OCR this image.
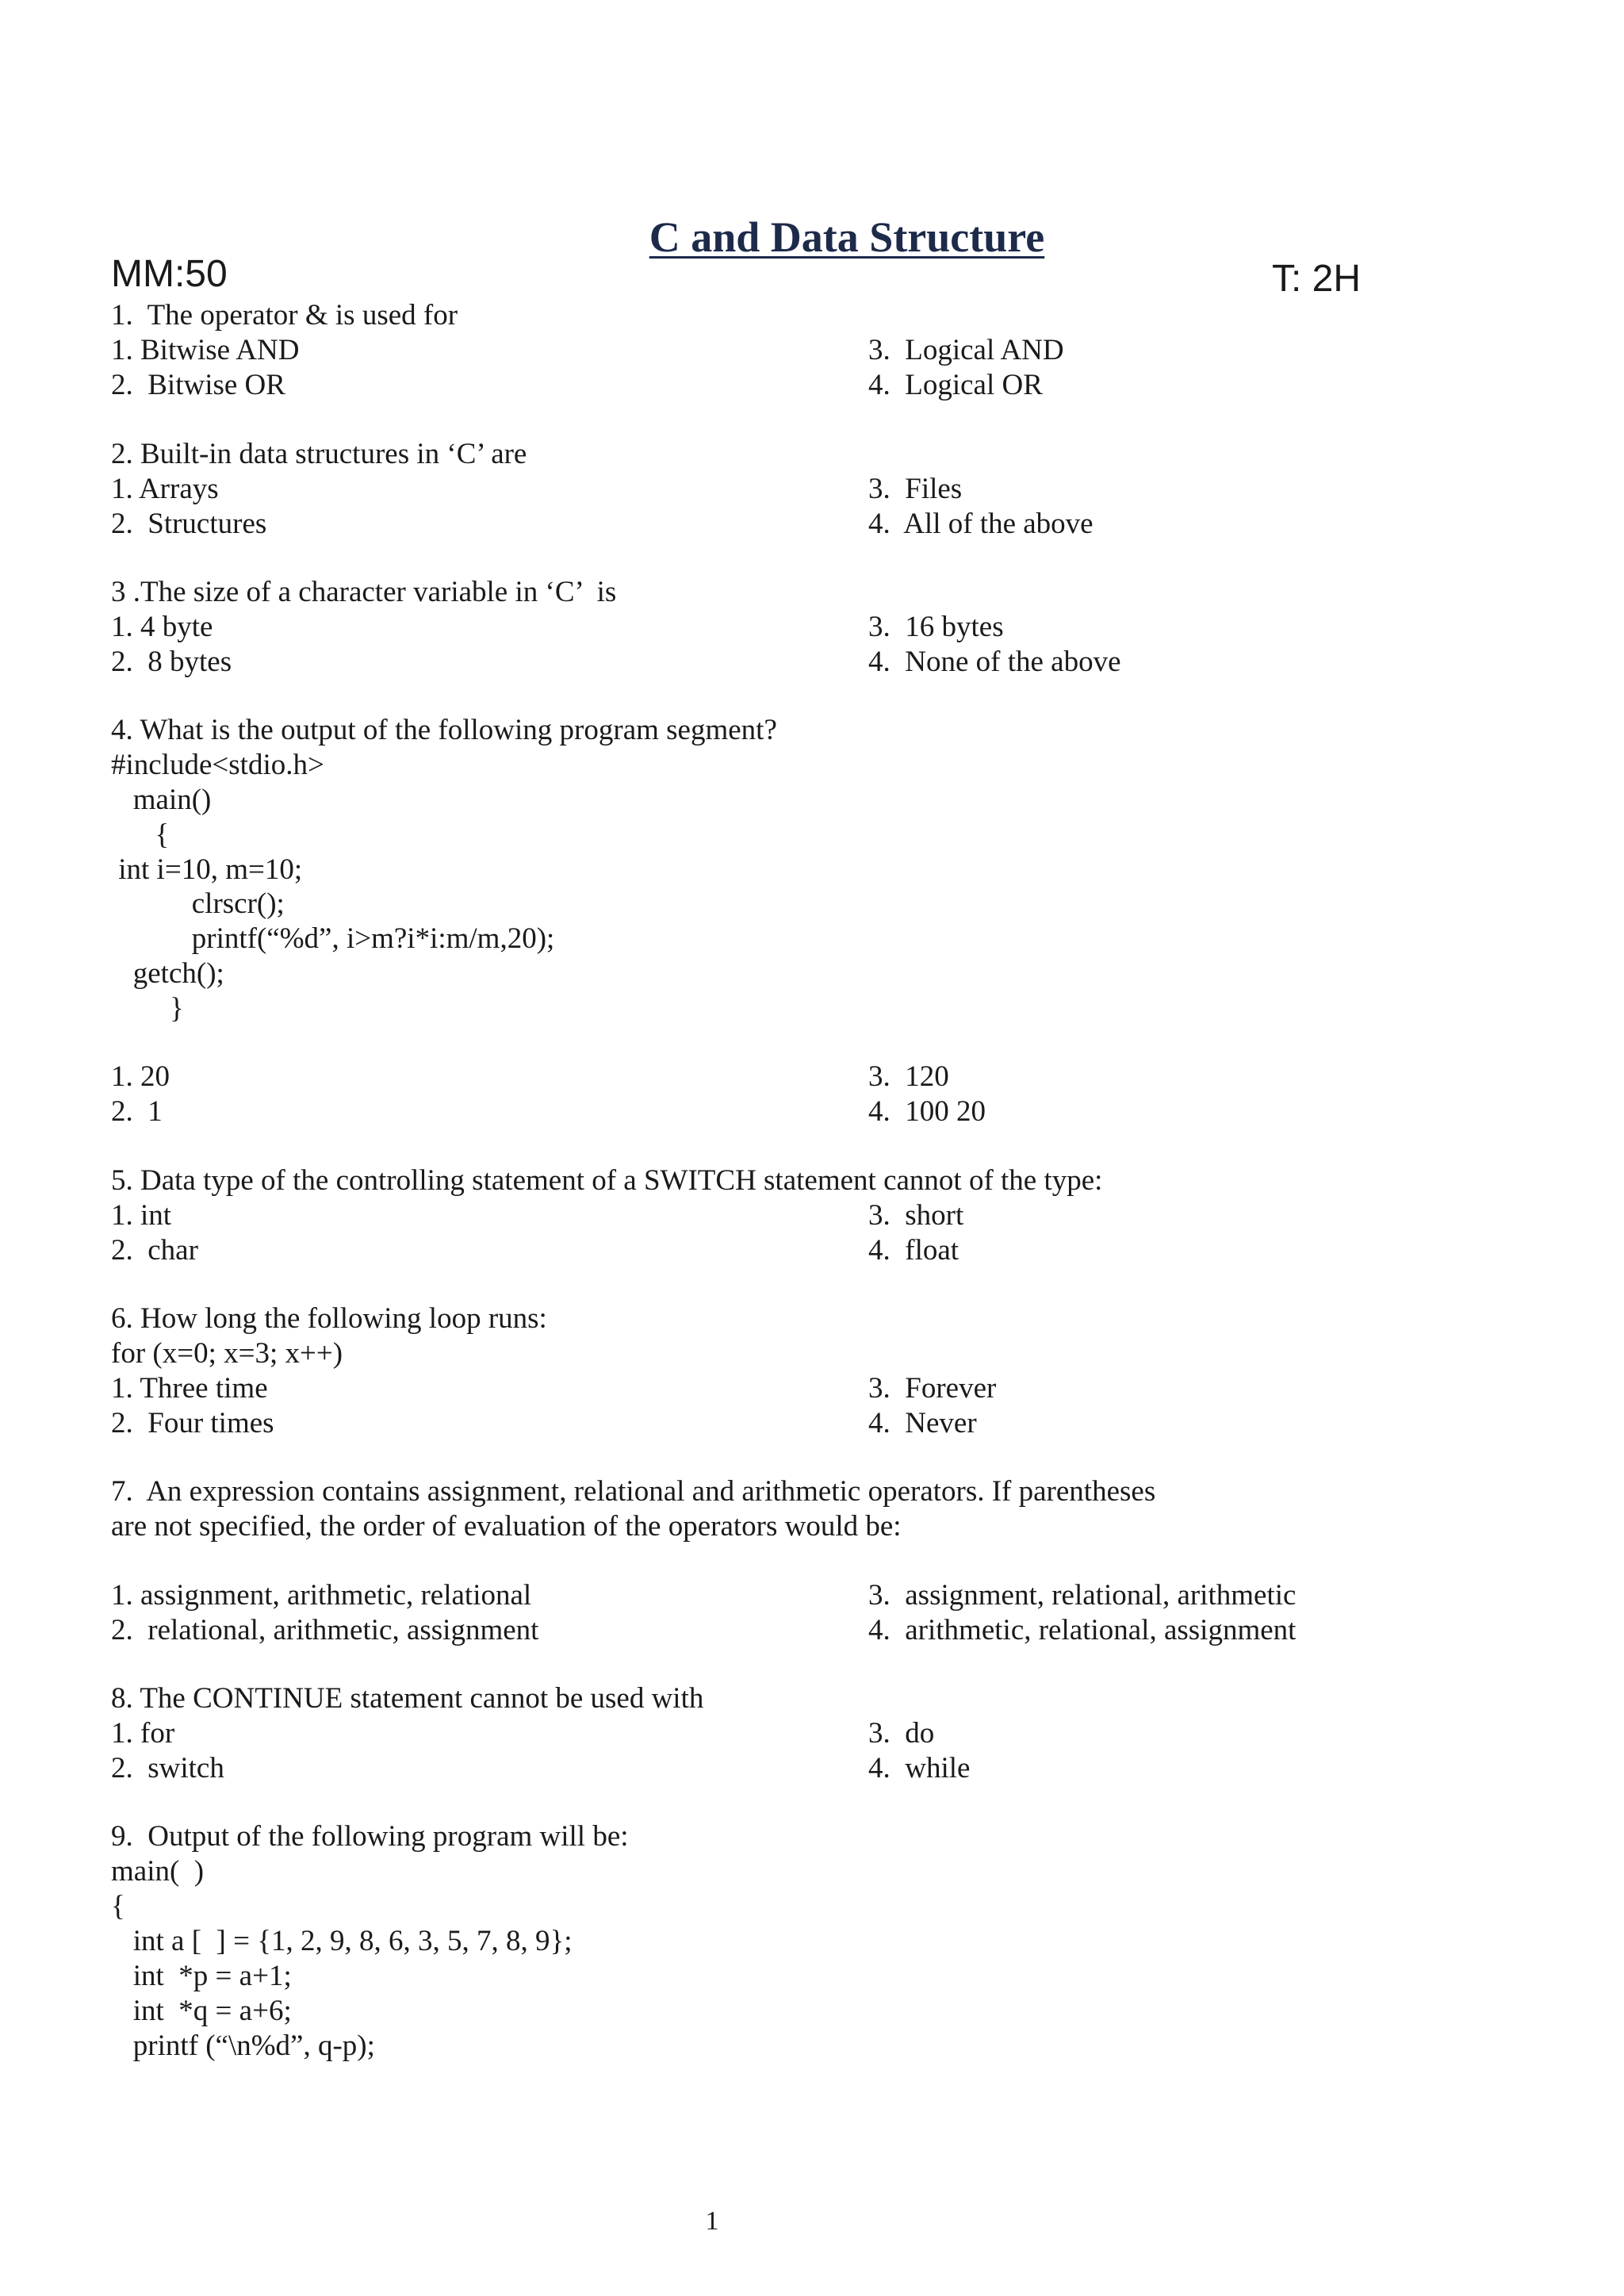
C and Data Structure
MM:50	T: 2H
1.  The operator & is used for
1. Bitwise AND
2.  Bitwise OR
3.  Logical AND
4.  Logical OR
2. Built-in data structures in ‘C’ are
1. Arrays
2.  Structures
3.  Files
4.  All of the above
3 .The size of a character variable in ‘C’  is
1. 4 byte
2.  8 bytes
3.  16 bytes
4.  None of the above
4. What is the output of the following program segment?
#include<stdio.h>
main()
{
int i=10, m=10;
clrscr();
printf(“%d”, i>m?i*i:m/m,20);
getch();
}
1. 20
2.  1
3.  120
4.  100 20
5. Data type of the controlling statement of a SWITCH statement cannot of the type:
1. int
2.  char
3.  short
4.  float
6. How long the following loop runs:
for (x=0; x=3; x++)
1. Three time
2.  Four times
3.  Forever
4.  Never
7.  An expression contains assignment, relational and arithmetic operators. If parentheses
are not specified, the order of evaluation of the operators would be:
1. assignment, arithmetic, relational
2.  relational, arithmetic, assignment
3.  assignment, relational, arithmetic
4.  arithmetic, relational, assignment
8. The CONTINUE statement cannot be used with
1. for
2.  switch
3.  do
4.  while
9.  Output of the following program will be:
main(  )
{
int a [  ] = {1, 2, 9, 8, 6, 3, 5, 7, 8, 9};
int  *p = a+1;
int  *q = a+6;
printf (“\n%d”, q-p);
1
